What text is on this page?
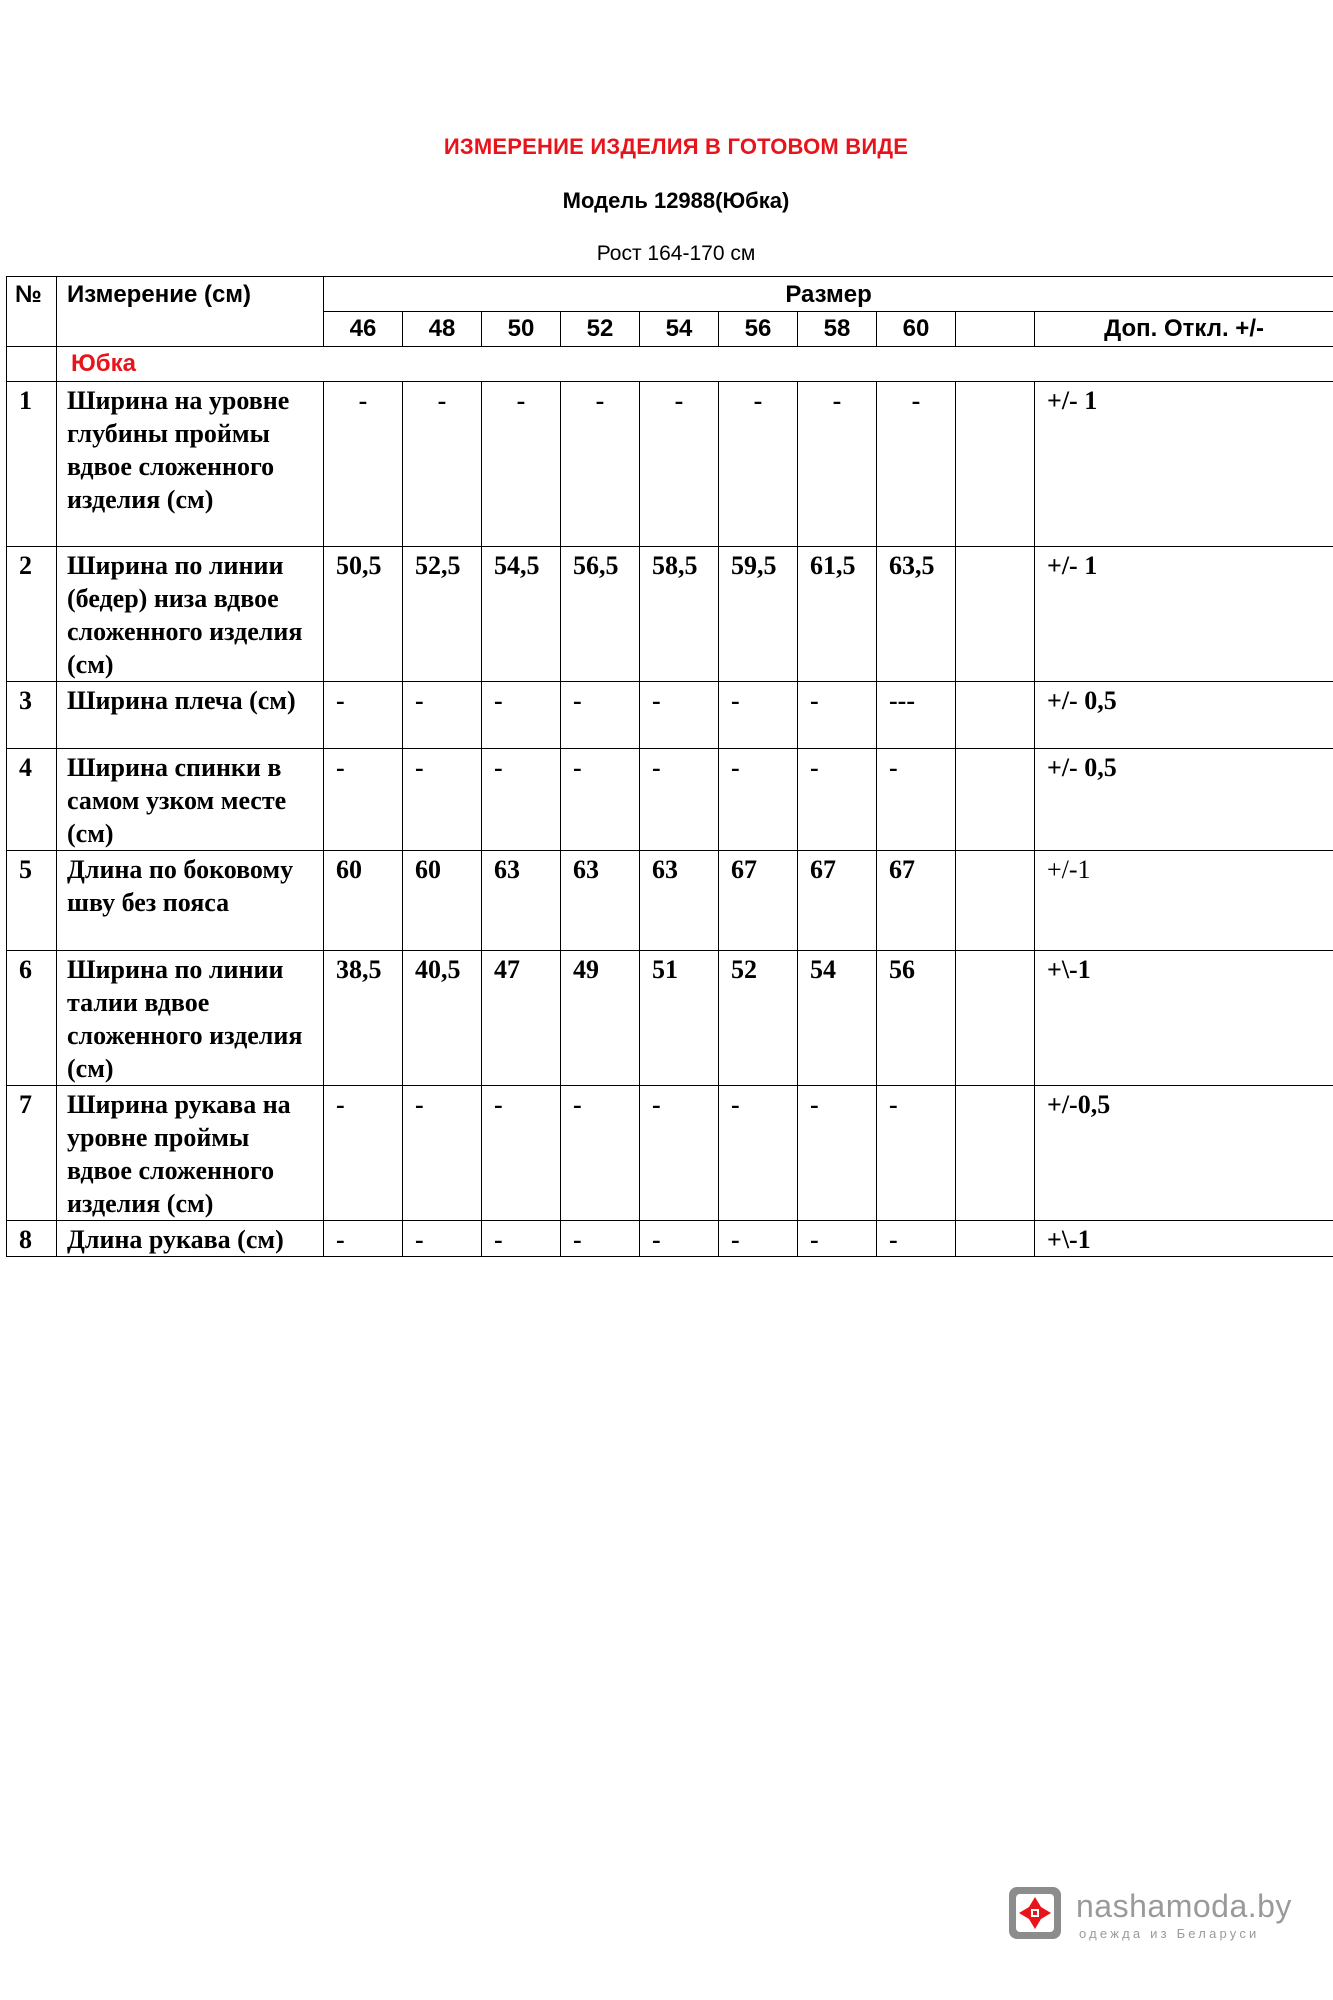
ИЗМЕРЕНИЕ ИЗДЕЛИЯ В ГОТОВОМ ВИДЕ
Модель 12988(Юбка)
Рост 164-170 см
№	Измерение (см)	Размер									
		46	48	50	52	54	56	58	60		Доп. Откл. +/-
	Юбка										
1	Ширина на уровне глубины проймы вдвое сложенного изделия (см)	-	-	-	-	-	-	-	-		+/- 1
2	Ширина по линии (бедер) низа вдвое сложенного изделия (см)	50,5	52,5	54,5	56,5	58,5	59,5	61,5	63,5		+/- 1
3	Ширина плеча (см)	-	-	-	-	-	-	-	---		+/- 0,5
4	Ширина спинки в самом узком месте (см)	-	-	-	-	-	-	-	-		+/- 0,5
5	Длина по боковому шву без пояса	60	60	63	63	63	67	67	67		+/-1
6	Ширина по линии талии вдвое сложенного изделия (см)	38,5	40,5	47	49	51	52	54	56		+\-1
7	Ширина рукава на уровне проймы вдвое сложенного изделия (см)	-	-	-	-	-	-	-	-		+/-0,5
8	Длина рукава (см)	-	-	-	-	-	-	-	-		+\-1
nashamoda.by
одежда из Беларуси
